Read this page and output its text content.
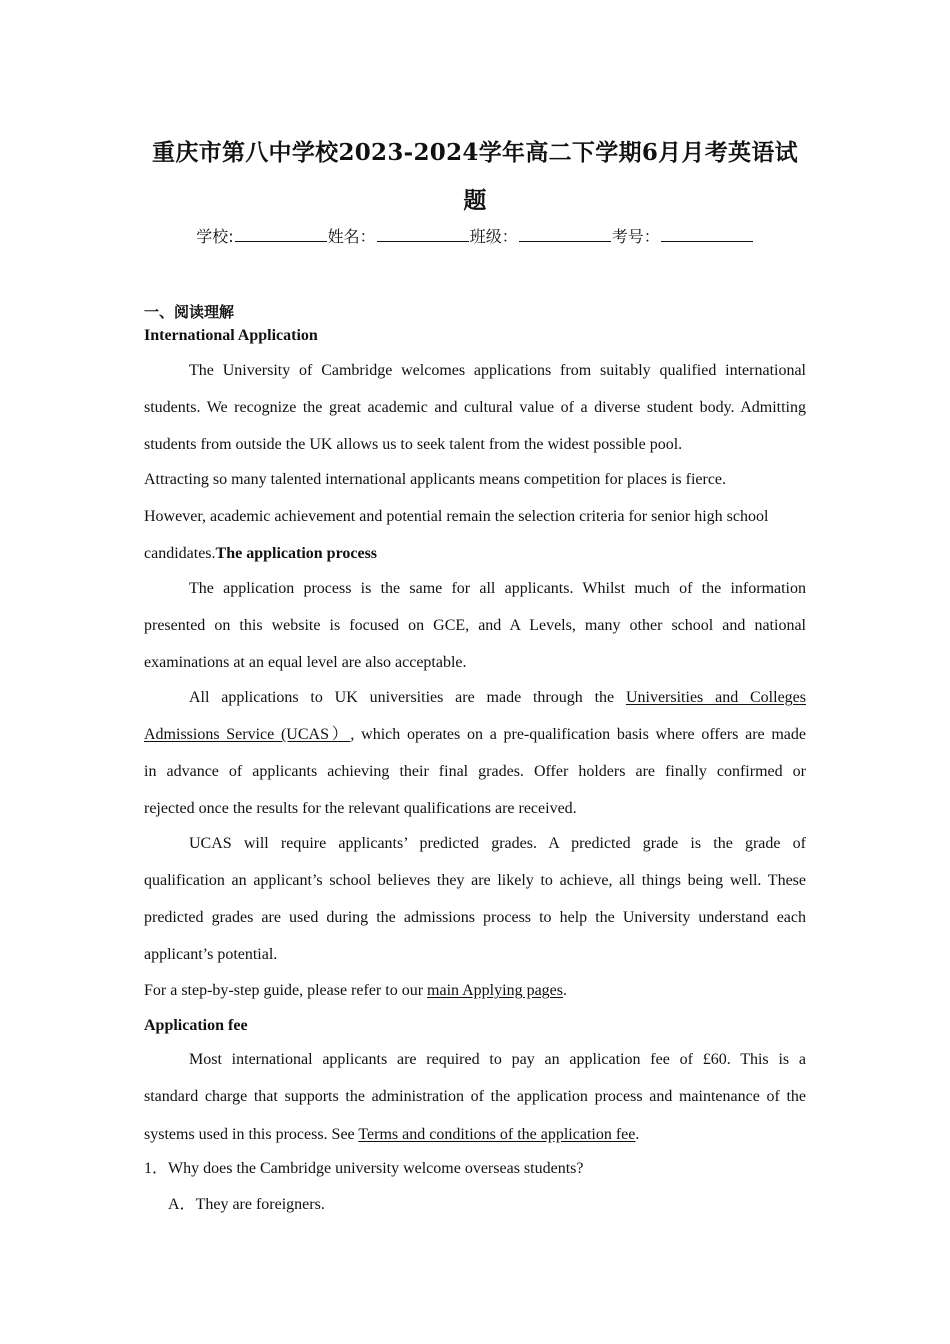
重庆市第八中学校2023-2024学年高二下学期6月月考英语试
题
学校:	姓名：	班级：	考号：
一、阅读理解
International Application
The University of Cambridge welcomes applications from suitably qualified international
students. We recognize the great academic and cultural value of a diverse student body. Admitting
students from outside the UK allows us to seek talent from the widest possible pool.
Attracting so many talented international applicants means competition for places is fierce.
However, academic achievement and potential remain the selection criteria for senior high school
candidates.The application process
The application process is the same for all applicants. Whilst much of the information
presented on this website is focused on GCE, and A Levels, many other school and national
examinations at an equal level are also acceptable.
All applications to UK universities are made through the Universities and Colleges
Admissions Service (UCAS）, which operates on a pre-qualification basis where offers are made
in advance of applicants achieving their final grades. Offer holders are finally confirmed or
rejected once the results for the relevant qualifications are received.
UCAS will require applicants’ predicted grades. A predicted grade is the grade of
qualification an applicant’s school believes they are likely to achieve, all things being well. These
predicted grades are used during the admissions process to help the University understand each
applicant’s potential.
For a step-by-step guide, please refer to our main Applying pages.
Application fee
Most international applicants are required to pay an application fee of £60. This is a
standard charge that supports the administration of the application process and maintenance of the
systems used in this process. See Terms and conditions of the application fee.
1．Why does the Cambridge university welcome overseas students?
A．They are foreigners.
